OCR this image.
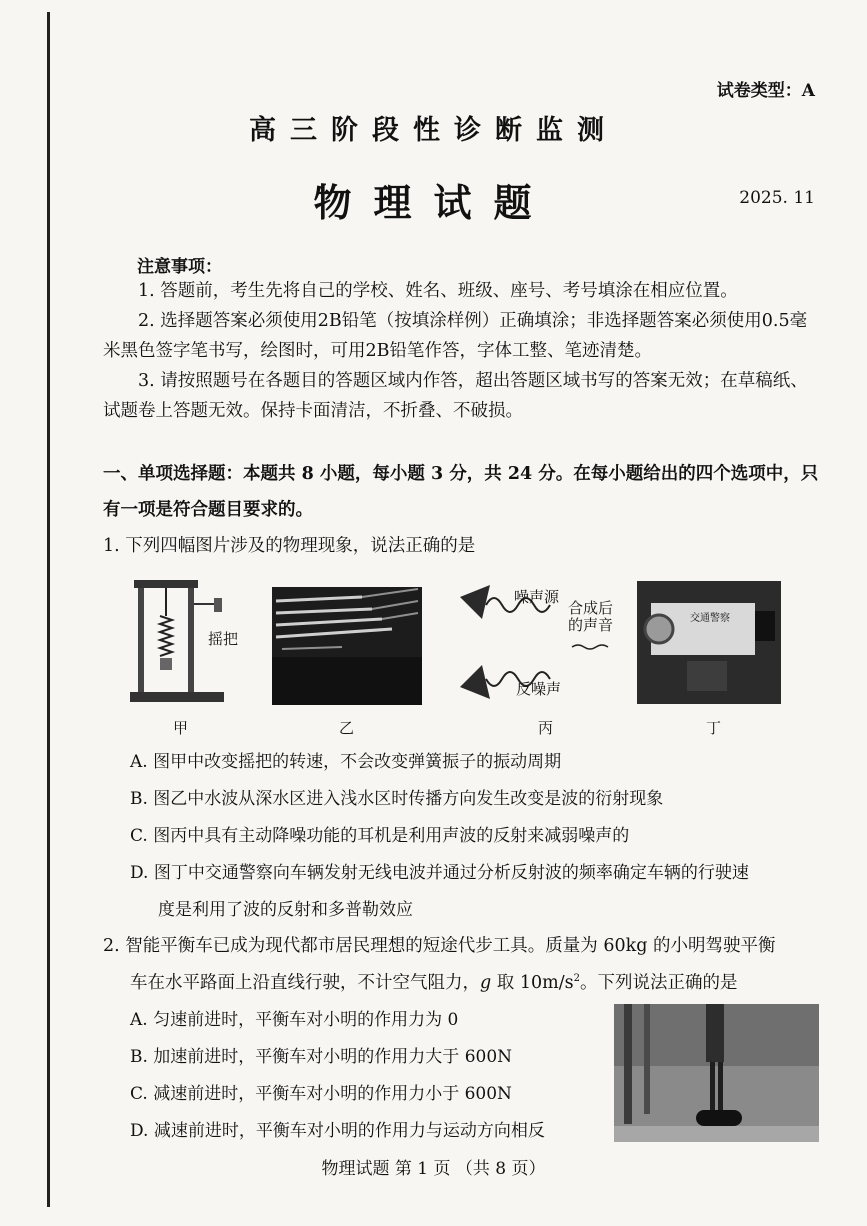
试卷类型：A
高三阶段性诊断监测
物理试题	2025. 11
注意事项：
1. 答题前，考生先将自己的学校、姓名、班级、座号、考号填涂在相应位置。
2. 选择题答案必须使用2B铅笔（按填涂样例）正确填涂；非选择题答案必须使用0.5毫米黑色签字笔书写，绘图时，可用2B铅笔作答，字体工整、笔迹清楚。
3. 请按照题号在各题目的答题区域内作答，超出答题区域书写的答案无效；在草稿纸、试题卷上答题无效。保持卡面清洁，不折叠、不破损。
一、单项选择题：本题共 8 小题，每小题 3 分，共 24 分。在每小题给出的四个选项中，只有一项是符合题目要求的。
1. 下列四幅图片涉及的物理现象，说法正确的是
摇把
噪声源
反噪声
合成后
的声音	交通警察
甲	乙	丙	丁
A. 图甲中改变摇把的转速，不会改变弹簧振子的振动周期
B. 图乙中水波从深水区进入浅水区时传播方向发生改变是波的衍射现象
C. 图丙中具有主动降噪功能的耳机是利用声波的反射来减弱噪声的
D. 图丁中交通警察向车辆发射无线电波并通过分析反射波的频率确定车辆的行驶速
度是利用了波的反射和多普勒效应
2. 智能平衡车已成为现代都市居民理想的短途代步工具。质量为 60kg 的小明驾驶平衡
车在水平路面上沿直线行驶，不计空气阻力，g 取 $10m/s^2$。下列说法正确的是
A. 匀速前进时，平衡车对小明的作用力为 0
B. 加速前进时，平衡车对小明的作用力大于 600N
C. 减速前进时，平衡车对小明的作用力小于 600N
D. 减速前进时，平衡车对小明的作用力与运动方向相反
物理试题 第 1 页 （共 8 页）
